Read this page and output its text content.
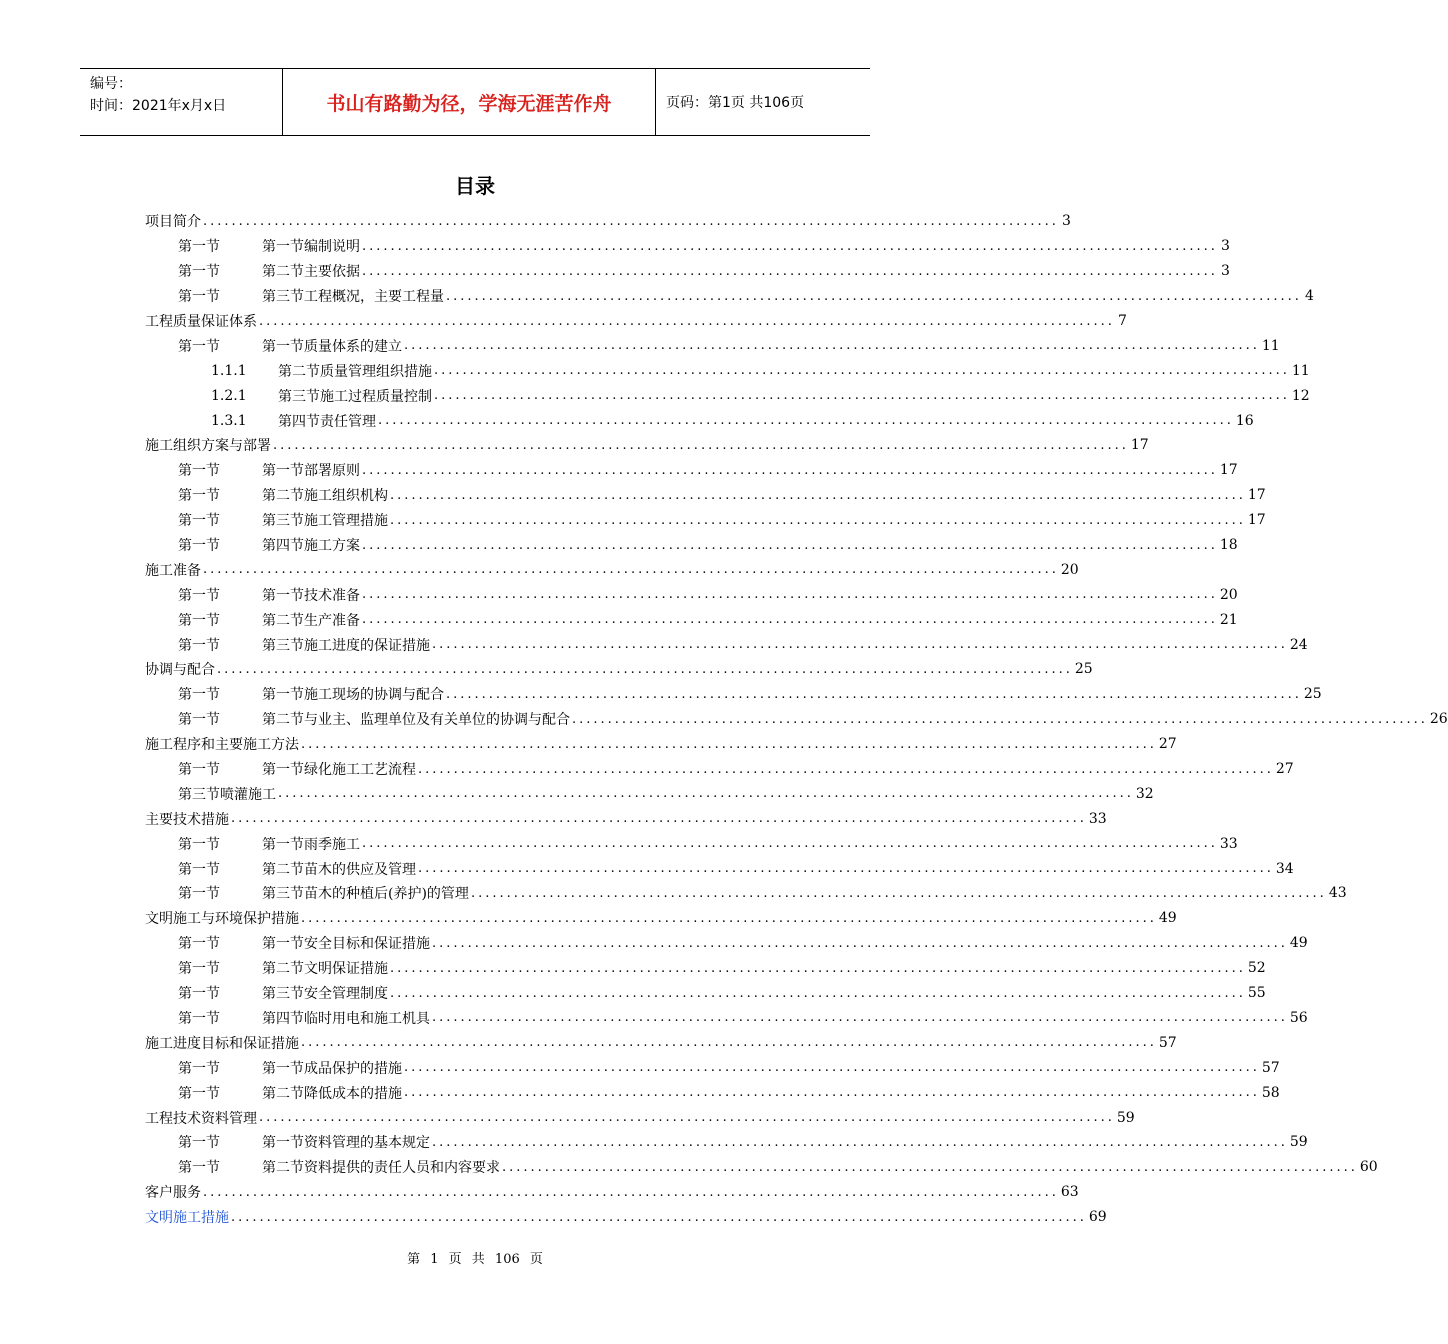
编号：
时间：2021年x月x日	书山有路勤为径，学海无涯苦作舟	页码：第1页 共106页
目录
项目简介 ........................................................................................................................ 3
第一节	第一节编制说明 ........................................................................................................................ 3
第一节	第二节主要依据 ........................................................................................................................ 3
第一节	第三节工程概况，主要工程量 ........................................................................................................................ 4
工程质量保证体系 ........................................................................................................................ 7
第一节	第一节质量体系的建立 ........................................................................................................................ 11
1.1.1	第二节质量管理组织措施 ........................................................................................................................ 11
1.2.1	第三节施工过程质量控制 ........................................................................................................................ 12
1.3.1	第四节责任管理 ........................................................................................................................ 16
施工组织方案与部署 ........................................................................................................................ 17
第一节	第一节部署原则 ........................................................................................................................ 17
第一节	第二节施工组织机构 ........................................................................................................................ 17
第一节	第三节施工管理措施 ........................................................................................................................ 17
第一节	第四节施工方案 ........................................................................................................................ 18
施工准备 ........................................................................................................................ 20
第一节	第一节技术准备 ........................................................................................................................ 20
第一节	第二节生产准备 ........................................................................................................................ 21
第一节	第三节施工进度的保证措施 ........................................................................................................................ 24
协调与配合 ........................................................................................................................ 25
第一节	第一节施工现场的协调与配合 ........................................................................................................................ 25
第一节	第二节与业主、监理单位及有关单位的协调与配合 ........................................................................................................................ 26
施工程序和主要施工方法 ........................................................................................................................ 27
第一节	第一节绿化施工工艺流程 ........................................................................................................................ 27
第三节喷灌施工 ........................................................................................................................ 32
主要技术措施 ........................................................................................................................ 33
第一节	第一节雨季施工 ........................................................................................................................ 33
第一节	第二节苗木的供应及管理 ........................................................................................................................ 34
第一节	第三节苗木的种植后(养护)的管理 ........................................................................................................................ 43
文明施工与环境保护措施 ........................................................................................................................ 49
第一节	第一节安全目标和保证措施 ........................................................................................................................ 49
第一节	第二节文明保证措施 ........................................................................................................................ 52
第一节	第三节安全管理制度 ........................................................................................................................ 55
第一节	第四节临时用电和施工机具 ........................................................................................................................ 56
施工进度目标和保证措施 ........................................................................................................................ 57
第一节	第一节成品保护的措施 ........................................................................................................................ 57
第一节	第二节降低成本的措施 ........................................................................................................................ 58
工程技术资料管理 ........................................................................................................................ 59
第一节	第一节资料管理的基本规定 ........................................................................................................................ 59
第一节	第二节资料提供的责任人员和内容要求 ........................................................................................................................ 60
客户服务 ........................................................................................................................ 63
文明施工措施 ........................................................................................................................ 69
第 1 页 共 106 页
